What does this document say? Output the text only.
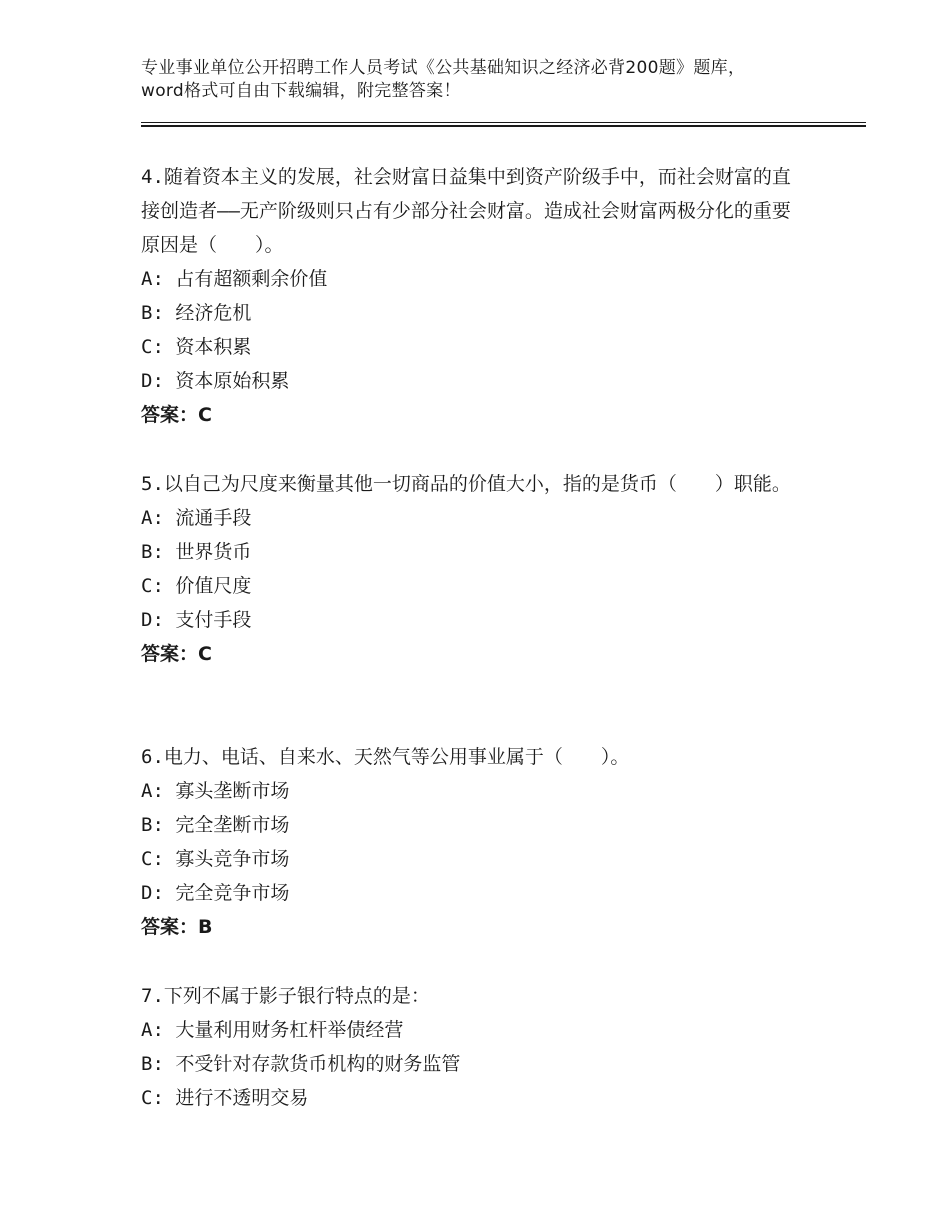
专业事业单位公开招聘工作人员考试《公共基础知识之经济必背200题》题库，word格式可自由下载编辑，附完整答案！

4.随着资本主义的发展，社会财富日益集中到资产阶级手中，而社会财富的直接创造者——无产阶级则只占有少部分社会财富。造成社会财富两极分化的重要原因是（　　）。

A: 占有超额剩余价值

B: 经济危机

C: 资本积累

D: 资本原始积累

答案：C

5.以自己为尺度来衡量其他一切商品的价值大小，指的是货币（　　）职能。

A: 流通手段

B: 世界货币

C: 价值尺度

D: 支付手段

答案：C

6.电力、电话、自来水、天然气等公用事业属于（　　）。

A: 寡头垄断市场

B: 完全垄断市场

C: 寡头竞争市场

D: 完全竞争市场

答案：B

7.下列不属于影子银行特点的是：

A: 大量利用财务杠杆举债经营

B: 不受针对存款货币机构的财务监管

C: 进行不透明交易
